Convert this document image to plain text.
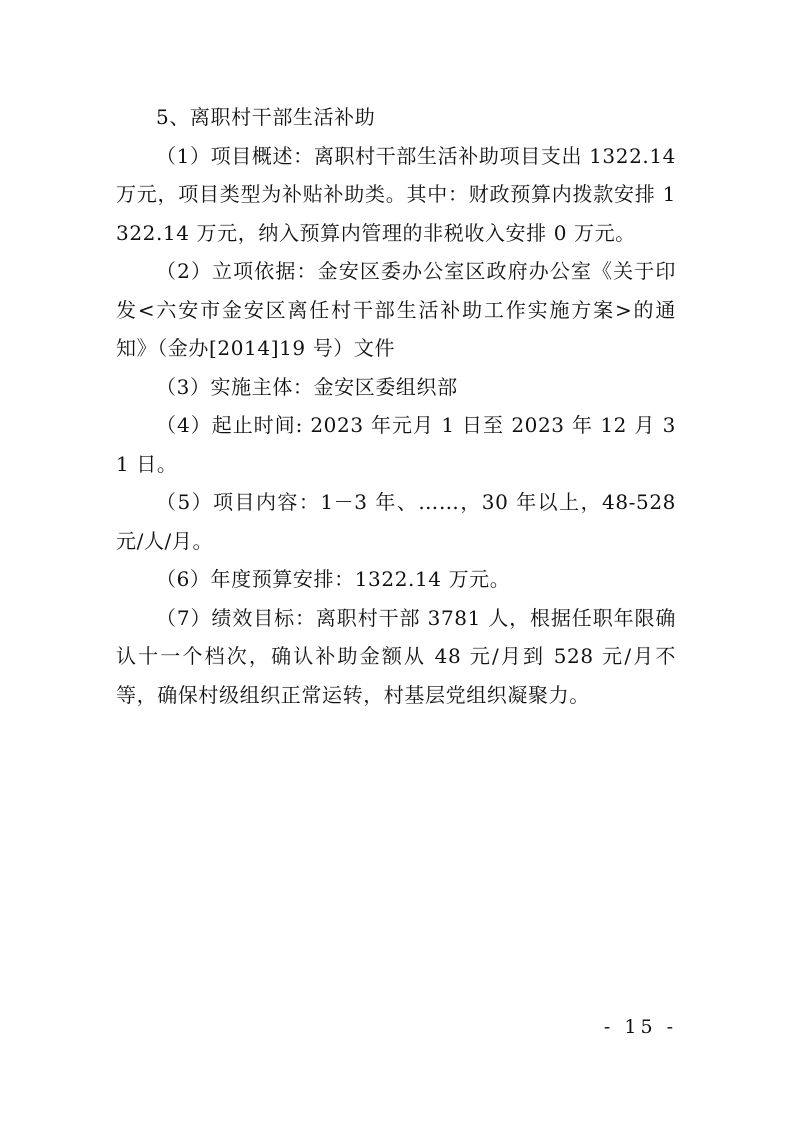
5、离职村干部生活补助

（1）项目概述：离职村干部生活补助项目支出 1322.14 万元，项目类型为补贴补助类。其中：财政预算内拨款安排 1322.14 万元，纳入预算内管理的非税收入安排 0 万元。

（2）立项依据：金安区委办公室区政府办公室《关于印发<六安市金安区离任村干部生活补助工作实施方案>的通知》（金办[2014]19 号）文件

（3）实施主体：金安区委组织部

（4）起止时间: 2023 年元月 1 日至 2023 年 12 月 31 日。

（5）项目内容：1－3 年、……，30 年以上，48-528 元/人/月。

（6）年度预算安排：1322.14 万元。

（7）绩效目标：离职村干部 3781 人，根据任职年限确认十一个档次，确认补助金额从 48 元/月到 528 元/月不等，确保村级组织正常运转，村基层党组织凝聚力。

- 15 -
